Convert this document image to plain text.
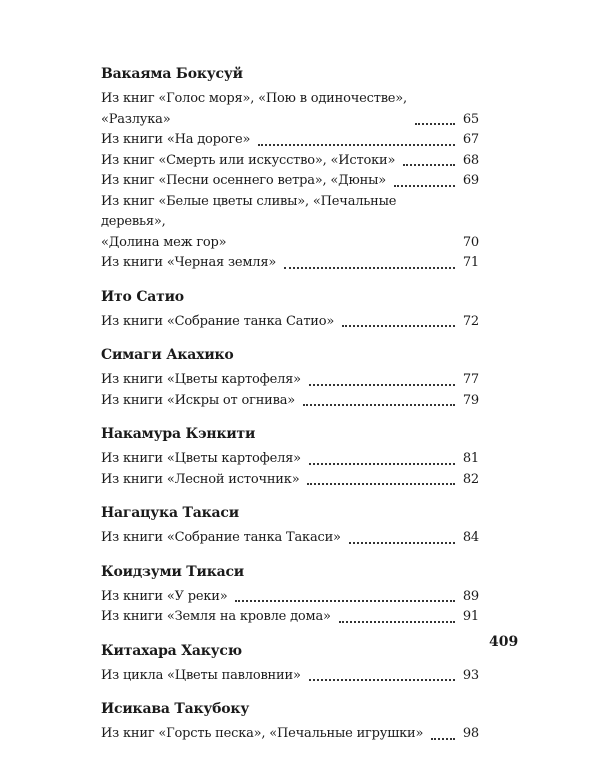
Вакаяма Бокусуй
Из книг «Голос моря», «Пою в одиночестве»,
«Разлука»	65
Из книги «На дороге»	67
Из книг «Смерть или искусство», «Истоки»	68
Из книг «Песни осеннего ветра», «Дюны»	69
Из книг «Белые цветы сливы», «Печальные деревья»,
«Долина меж гор»	70
Из книги «Черная земля»	71
Ито Сатио
Из книги «Собрание танка Сатио»	72
Симаги Акахико
Из книги «Цветы картофеля»	77
Из книги «Искры от огнива»	79
Накамура Кэнкити
Из книги «Цветы картофеля»	81
Из книги «Лесной источник»	82
Нагацука Такаси
Из книги «Собрание танка Такаси»	84
Коидзуми Тикаси
Из книги «У реки»	89
Из книги «Земля на кровле дома»	91
Китахара Хакусю
Из цикла «Цветы павловнии»	93
Исикава Такубоку
Из книг «Горсть песка», «Печальные игрушки»	98
409
